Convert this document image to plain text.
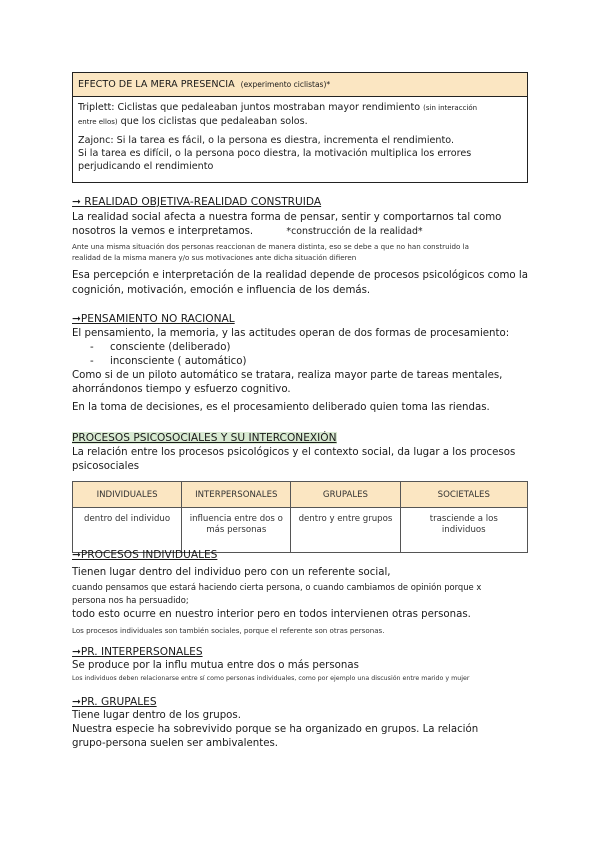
EFECTO DE LA MERA PRESENCIA (experimento ciclistas)*

Triplett: Ciclistas que pedaleaban juntos mostraban mayor rendimiento (sin interacción
entre ellos) que los ciclistas que pedaleaban solos.

Zajonc: Si la tarea es fácil, o la persona es diestra, incrementa el rendimiento.
Si la tarea es difícil, o la persona poco diestra, la motivación multiplica los errores
perjudicando el rendimiento

➞ REALIDAD OBJETIVA-REALIDAD CONSTRUIDA
La realidad social afecta a nuestra forma de pensar, sentir y comportarnos tal como
nosotros la vemos e interpretamos.	*construcción de la realidad*
Ante una misma situación dos personas reaccionan de manera distinta, eso se debe a que no han construido la
realidad de la misma manera y/o sus motivaciones ante dicha situación difieren
Esa percepción e interpretación de la realidad depende de procesos psicológicos como la
cognición, motivación, emoción e influencia de los demás.
➞PENSAMIENTO NO RACIONAL
El pensamiento, la memoria, y las actitudes operan de dos formas de procesamiento:
- consciente (deliberado)
- inconsciente ( automático)
Como si de un piloto automático se tratara, realiza mayor parte de tareas mentales,
ahorrándonos tiempo y esfuerzo cognitivo.
En la toma de decisiones, es el procesamiento deliberado quien toma las riendas.
PROCESOS PSICOSOCIALES Y SU INTERCONEXIÓN
La relación entre los procesos psicológicos y el contexto social, da lugar a los procesos
psicosociales
INDIVIDUALES	INTERPERSONALES	GRUPALES	SOCIETALES
dentro del individuo	influencia entre dos o
más personas	dentro y entre grupos	trasciende a los
individuos
➞PROCESOS INDIVIDUALES
Tienen lugar dentro del individuo pero con un referente social,
cuando pensamos que estará haciendo cierta persona, o cuando cambiamos de opinión porque x
persona nos ha persuadido;
todo esto ocurre en nuestro interior pero en todos intervienen otras personas.
Los procesos individuales son también sociales, porque el referente son otras personas.
➞PR. INTERPERSONALES
Se produce por la influ mutua entre dos o más personas
Los individuos deben relacionarse entre sí como personas individuales, como por ejemplo una discusión entre marido y mujer
➞PR. GRUPALES
Tiene lugar dentro de los grupos.
Nuestra especie ha sobrevivido porque se ha organizado en grupos. La relación
grupo-persona suelen ser ambivalentes.
